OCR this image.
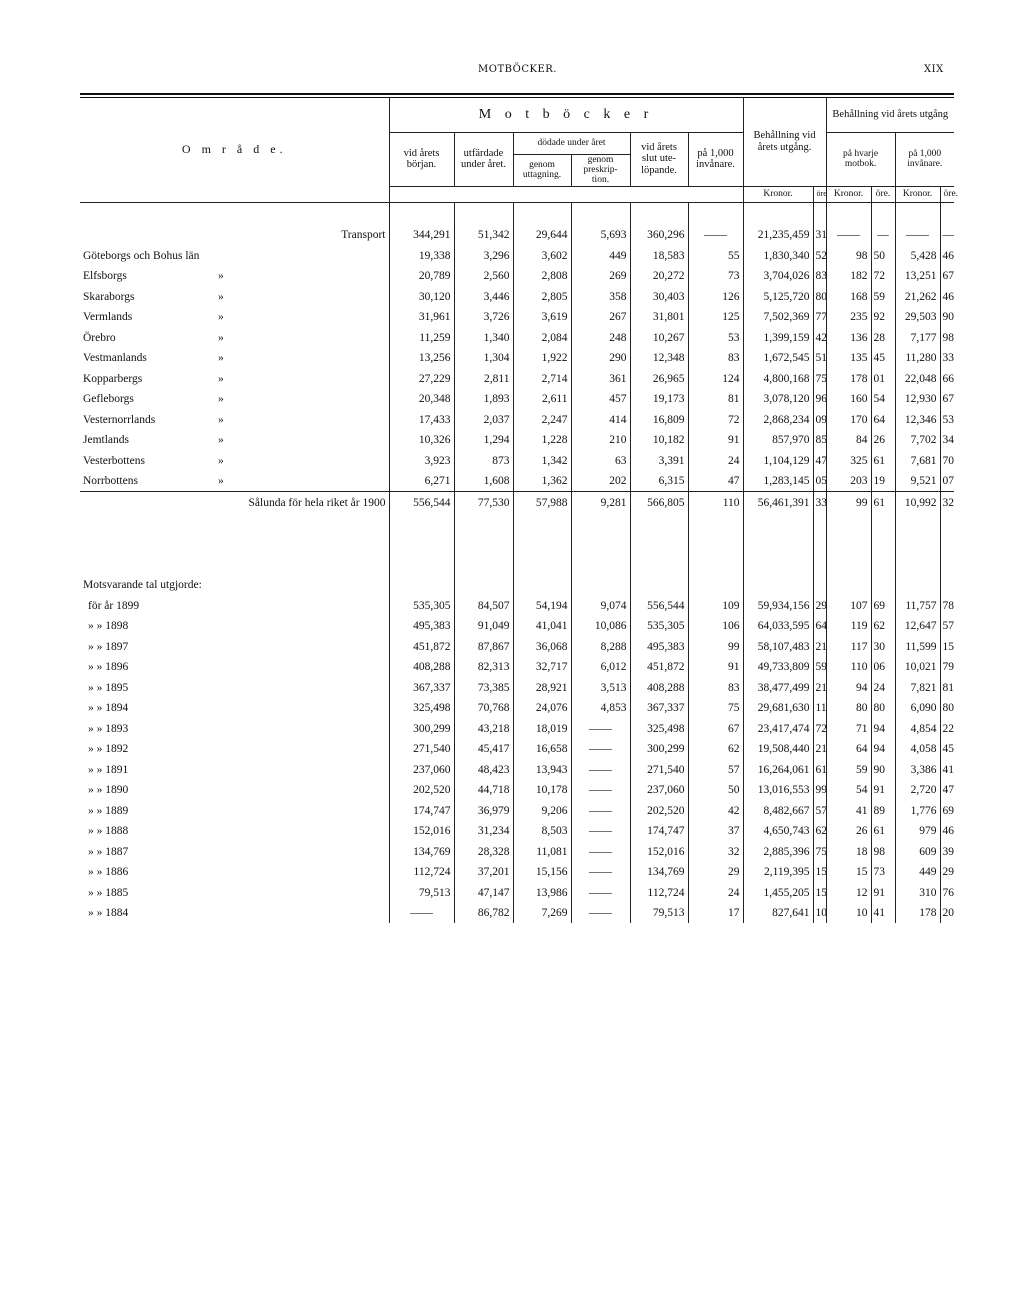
MOTBÖCKER.	XIX
O m r å d e.	M o t b ö c k e r						Behållning vid årets utgång.		Behållning vid årets utgång			
	vid årets början.	utfärdade under året.	dödade under året		vid årets slut ute- löpande.	på 1,000 invånare.			på hvarje motbok.		på 1,000 invånare.	
			genom uttagning.	genom preskrip- tion.								
							Kronor.	öre	Kronor.	öre.	Kronor.	öre.

Transport	344,291	51,342	29,644	5,693	360,296	——	21,235,459	31	——	—	——	—
Göteborgs och Bohus län	19,338	3,296	3,602	449	18,583	55	1,830,340	52	98	50	5,428	46
Elfsborgs »	20,789	2,560	2,808	269	20,272	73	3,704,026	83	182	72	13,251	67
Skaraborgs »	30,120	3,446	2,805	358	30,403	126	5,125,720	80	168	59	21,262	46
Vermlands »	31,961	3,726	3,619	267	31,801	125	7,502,369	77	235	92	29,503	90
Örebro »	11,259	1,340	2,084	248	10,267	53	1,399,159	42	136	28	7,177	98
Vestmanlands »	13,256	1,304	1,922	290	12,348	83	1,672,545	51	135	45	11,280	33
Kopparbergs »	27,229	2,811	2,714	361	26,965	124	4,800,168	75	178	01	22,048	66
Gefleborgs »	20,348	1,893	2,611	457	19,173	81	3,078,120	96	160	54	12,930	67
Vesternorrlands »	17,433	2,037	2,247	414	16,809	72	2,868,234	09	170	64	12,346	53
Jemtlands »	10,326	1,294	1,228	210	10,182	91	857,970	85	84	26	7,702	34
Vesterbottens »	3,923	873	1,342	63	3,391	24	1,104,129	47	325	61	7,681	70
Norrbottens »	6,271	1,608	1,362	202	6,315	47	1,283,145	05	203	19	9,521	07
Sålunda för hela riket år 1900	556,544	77,530	57,988	9,281	566,805	110	56,461,391	33	99	61	10,992	32

Motsvarande tal utgjorde:												
för år 1899	535,305	84,507	54,194	9,074	556,544	109	59,934,156	29	107	69	11,757	78
» » 1898	495,383	91,049	41,041	10,086	535,305	106	64,033,595	64	119	62	12,647	57
» » 1897	451,872	87,867	36,068	8,288	495,383	99	58,107,483	21	117	30	11,599	15
» » 1896	408,288	82,313	32,717	6,012	451,872	91	49,733,809	59	110	06	10,021	79
» » 1895	367,337	73,385	28,921	3,513	408,288	83	38,477,499	21	94	24	7,821	81
» » 1894	325,498	70,768	24,076	4,853	367,337	75	29,681,630	11	80	80	6,090	80
» » 1893	300,299	43,218	18,019	——	325,498	67	23,417,474	72	71	94	4,854	22
» » 1892	271,540	45,417	16,658	——	300,299	62	19,508,440	21	64	94	4,058	45
» » 1891	237,060	48,423	13,943	——	271,540	57	16,264,061	61	59	90	3,386	41
» » 1890	202,520	44,718	10,178	——	237,060	50	13,016,553	99	54	91	2,720	47
» » 1889	174,747	36,979	9,206	——	202,520	42	8,482,667	57	41	89	1,776	69
» » 1888	152,016	31,234	8,503	——	174,747	37	4,650,743	62	26	61	979	46
» » 1887	134,769	28,328	11,081	——	152,016	32	2,885,396	75	18	98	609	39
» » 1886	112,724	37,201	15,156	——	134,769	29	2,119,395	15	15	73	449	29
» » 1885	79,513	47,147	13,986	——	112,724	24	1,455,205	15	12	91	310	76
» » 1884	——	86,782	7,269	——	79,513	17	827,641	10	10	41	178	20
